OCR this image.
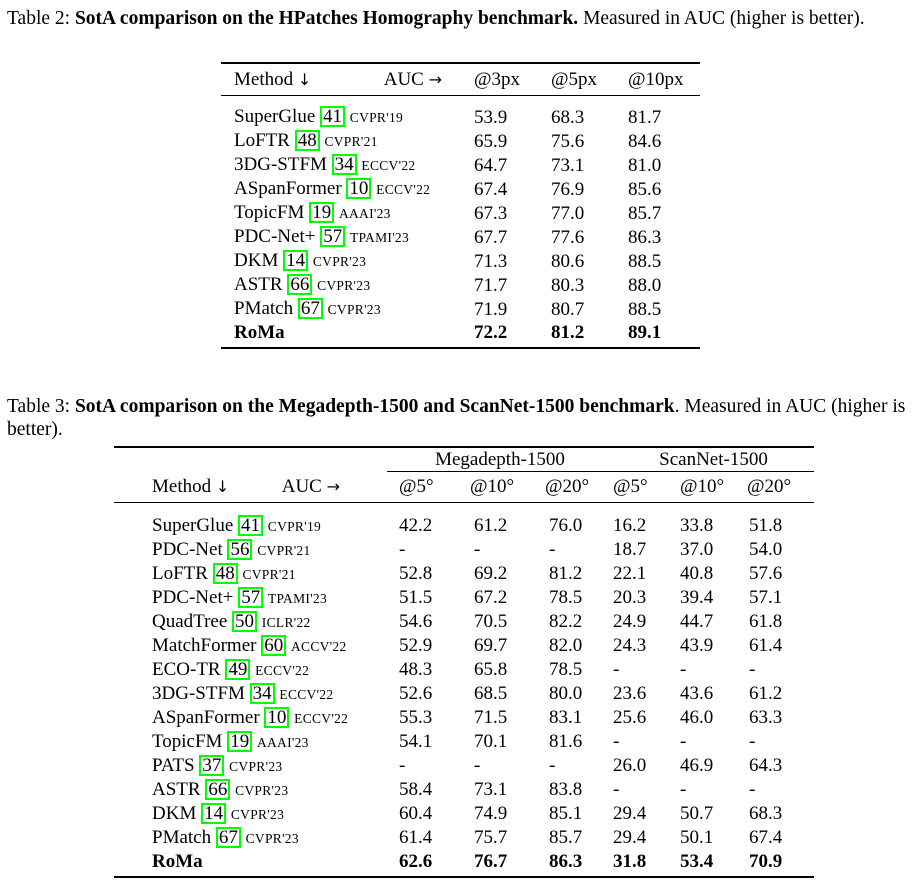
Table 2: SotA comparison on the HPatches Homography benchmark. Measured in AUC (higher is better).
Method ↓ AUC →	@3px	@5px	@10px
SuperGlue 41 CVPR'19	53.9	68.3	81.7
LoFTR 48 CVPR'21	65.9	75.6	84.6
3DG-STFM 34 ECCV'22	64.7	73.1	81.0
ASpanFormer 10 ECCV'22	67.4	76.9	85.6
TopicFM 19 AAAI'23	67.3	77.0	85.7
PDC-Net+ 57 TPAMI'23	67.7	77.6	86.3
DKM 14 CVPR'23	71.3	80.6	88.5
ASTR 66 CVPR'23	71.7	80.3	88.0
PMatch 67 CVPR'23	71.9	80.7	88.5
RoMa	72.2	81.2	89.1
Table 3: SotA comparison on the Megadepth-1500 and ScanNet-1500 benchmark. Measured in AUC (higher is better).
	Megadepth-1500			ScanNet-1500		
Method ↓ AUC →	@5°	@10°	@20°	@5°	@10°	@20°
SuperGlue 41 CVPR'19	42.2	61.2	76.0	16.2	33.8	51.8
PDC-Net 56 CVPR'21	-	-	-	18.7	37.0	54.0
LoFTR 48 CVPR'21	52.8	69.2	81.2	22.1	40.8	57.6
PDC-Net+ 57 TPAMI'23	51.5	67.2	78.5	20.3	39.4	57.1
QuadTree 50 ICLR'22	54.6	70.5	82.2	24.9	44.7	61.8
MatchFormer 60 ACCV'22	52.9	69.7	82.0	24.3	43.9	61.4
ECO-TR 49 ECCV'22	48.3	65.8	78.5	-	-	-
3DG-STFM 34 ECCV'22	52.6	68.5	80.0	23.6	43.6	61.2
ASpanFormer 10 ECCV'22	55.3	71.5	83.1	25.6	46.0	63.3
TopicFM 19 AAAI'23	54.1	70.1	81.6	-	-	-
PATS 37 CVPR'23	-	-	-	26.0	46.9	64.3
ASTR 66 CVPR'23	58.4	73.1	83.8	-	-	-
DKM 14 CVPR'23	60.4	74.9	85.1	29.4	50.7	68.3
PMatch 67 CVPR'23	61.4	75.7	85.7	29.4	50.1	67.4
RoMa	62.6	76.7	86.3	31.8	53.4	70.9
